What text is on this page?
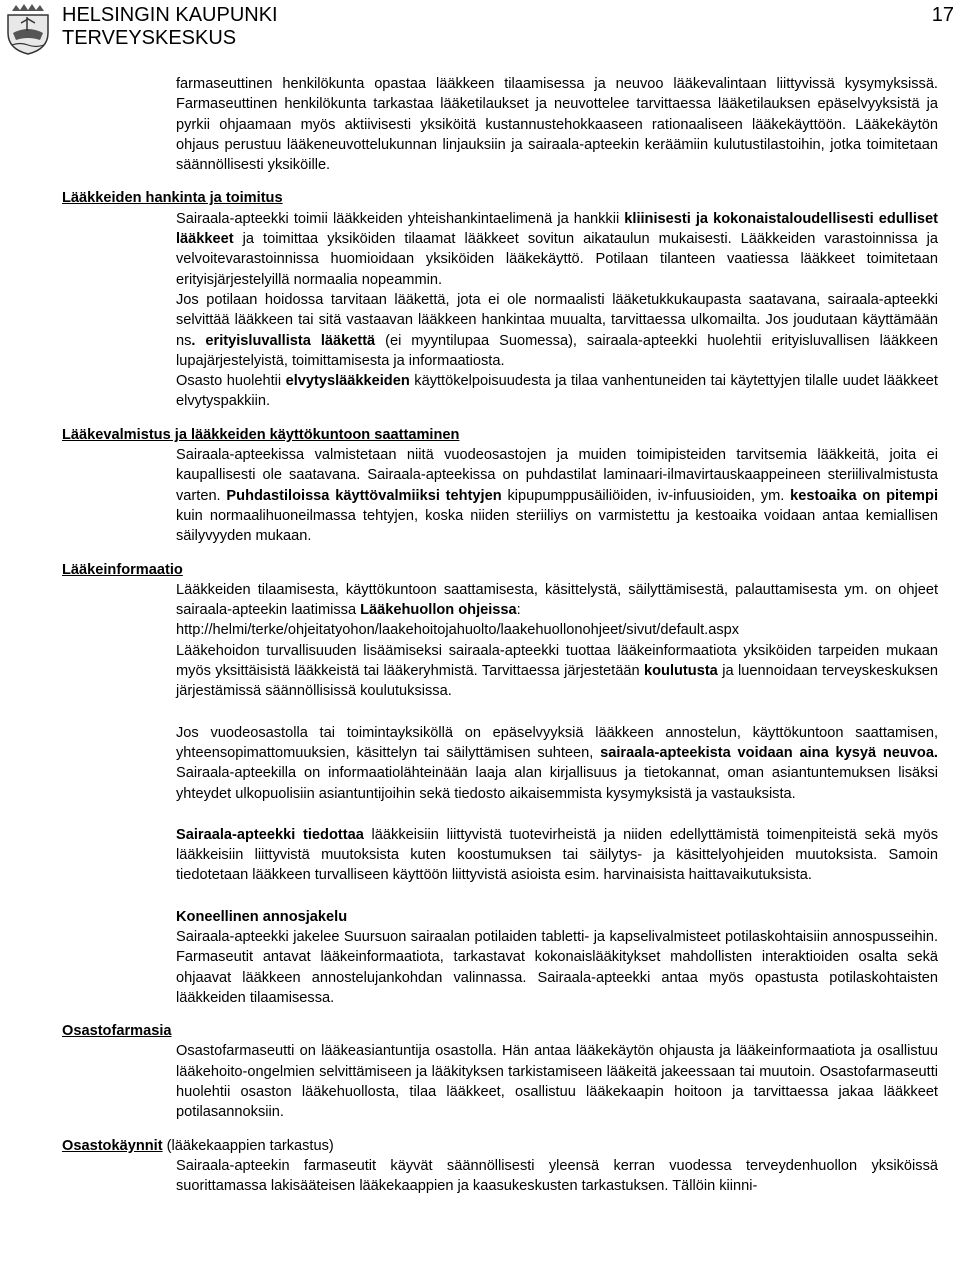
HELSINGIN KAUPUNKI
TERVEYSKESKUS
17

farmaseuttinen henkilökunta opastaa lääkkeen tilaamisessa ja neuvoo lääkevalintaan liittyvissä kysymyksissä. Farmaseuttinen henkilökunta tarkastaa lääketilaukset ja neuvottelee tarvittaessa lääketilauksen epäselvyyksistä ja pyrkii ohjaamaan myös aktiivisesti yksiköitä kustannustehokkaaseen rationaaliseen lääkekäyttöön. Lääkekäytön ohjaus perustuu lääkeneuvottelukunnan linjauksiin ja sairaala-apteekin keräämiin kulutustilastoihin, jotka toimitetaan säännöllisesti yksiköille.

Lääkkeiden hankinta ja toimitus

Sairaala-apteekki toimii lääkkeiden yhteishankintaelimenä ja hankkii kliinisesti ja kokonaistaloudellisesti edulliset lääkkeet ja toimittaa yksiköiden tilaamat lääkkeet sovitun aikataulun mukaisesti. Lääkkeiden varastoinnissa ja velvoitevarastoinnissa huomioidaan yksiköiden lääkekäyttö. Potilaan tilanteen vaatiessa lääkkeet toimitetaan erityisjärjestelyillä normaalia nopeammin.

Jos potilaan hoidossa tarvitaan lääkettä, jota ei ole normaalisti lääketukkukaupasta saatavana, sairaala-apteekki selvittää lääkkeen tai sitä vastaavan lääkkeen hankintaa muualta, tarvittaessa ulkomailta. Jos joudutaan käyttämään ns. erityisluvallista lääkettä (ei myyntilupaa Suomessa), sairaala-apteekki huolehtii erityisluvallisen lääkkeen lupajärjestelyistä, toimittamisesta ja informaatiosta.

Osasto huolehtii elvytyslääkkeiden käyttökelpoisuudesta ja tilaa vanhentuneiden tai käytettyjen tilalle uudet lääkkeet elvytyspakkiin.

Lääkevalmistus ja lääkkeiden käyttökuntoon saattaminen

Sairaala-apteekissa valmistetaan niitä vuodeosastojen ja muiden toimipisteiden tarvitsemia lääkkeitä, joita ei kaupallisesti ole saatavana. Sairaala-apteekissa on puhdastilat laminaari-ilmavirtauskaappeineen steriilivalmistusta varten. Puhdastiloissa käyttövalmiiksi tehtyjen kipupumppusäiliöiden, iv-infuusioiden, ym. kestoaika on pitempi kuin normaalihuoneilmassa tehtyjen, koska niiden steriiliys on varmistettu ja kestoaika voidaan antaa kemiallisen säilyvyyden mukaan.

Lääkeinformaatio

Lääkkeiden tilaamisesta, käyttökuntoon saattamisesta, käsittelystä, säilyttämisestä, palauttamisesta ym. on ohjeet sairaala-apteekin laatimissa Lääkehuollon ohjeissa:

http://helmi/terke/ohjeitatyohon/laakehoitojahuolto/laakehuollonohjeet/sivut/default.aspx

Lääkehoidon turvallisuuden lisäämiseksi sairaala-apteekki tuottaa lääkeinformaatiota yksiköiden tarpeiden mukaan myös yksittäisistä lääkkeistä tai lääkeryhmistä. Tarvittaessa järjestetään koulutusta ja luennoidaan terveyskeskuksen järjestämissä säännöllisissä koulutuksissa.

Jos vuodeosastolla tai toimintayksiköllä on epäselvyyksiä lääkkeen annostelun, käyttökuntoon saattamisen, yhteensopimattomuuksien, käsittelyn tai säilyttämisen suhteen, sairaala-apteekista voidaan aina kysyä neuvoa. Sairaala-apteekilla on informaatiolähteinään laaja alan kirjallisuus ja tietokannat, oman asiantuntemuksen lisäksi yhteydet ulkopuolisiin asiantuntijoihin sekä tiedosto aikaisemmista kysymyksistä ja vastauksista.

Sairaala-apteekki tiedottaa lääkkeisiin liittyvistä tuotevirheistä ja niiden edellyttämistä toimenpiteistä sekä myös lääkkeisiin liittyvistä muutoksista kuten koostumuksen tai säilytys- ja käsittelyohjeiden muutoksista. Samoin tiedotetaan lääkkeen turvalliseen käyttöön liittyvistä asioista esim. harvinaisista haittavaikutuksista.

Koneellinen annosjakelu

Sairaala-apteekki jakelee Suursuon sairaalan potilaiden tabletti- ja kapselivalmisteet potilaskohtaisiin annospusseihin. Farmaseutit antavat lääkeinformaatiota, tarkastavat kokonaislääkitykset mahdollisten interaktioiden osalta sekä ohjaavat lääkkeen annostelujankohdan valinnassa. Sairaala-apteekki antaa myös opastusta potilaskohtaisten lääkkeiden tilaamisessa.

Osastofarmasia

Osastofarmaseutti on lääkeasiantuntija osastolla. Hän antaa lääkekäytön ohjausta ja lääkeinformaatiota ja osallistuu lääkehoito-ongelmien selvittämiseen ja lääkityksen tarkistamiseen lääkeitä jakeessaan tai muutoin. Osastofarmaseutti huolehtii osaston lääkehuollosta, tilaa lääkkeet, osallistuu lääkekaapin hoitoon ja tarvittaessa jakaa lääkkeet potilasannoksiin.

Osastokäynnit (lääkekaappien tarkastus)

Sairaala-apteekin farmaseutit käyvät säännöllisesti yleensä kerran vuodessa terveydenhuollon yksiköissä suorittamassa lakisääteisen lääkekaappien ja kaasukeskusten tarkastuksen. Tällöin kiinni-
